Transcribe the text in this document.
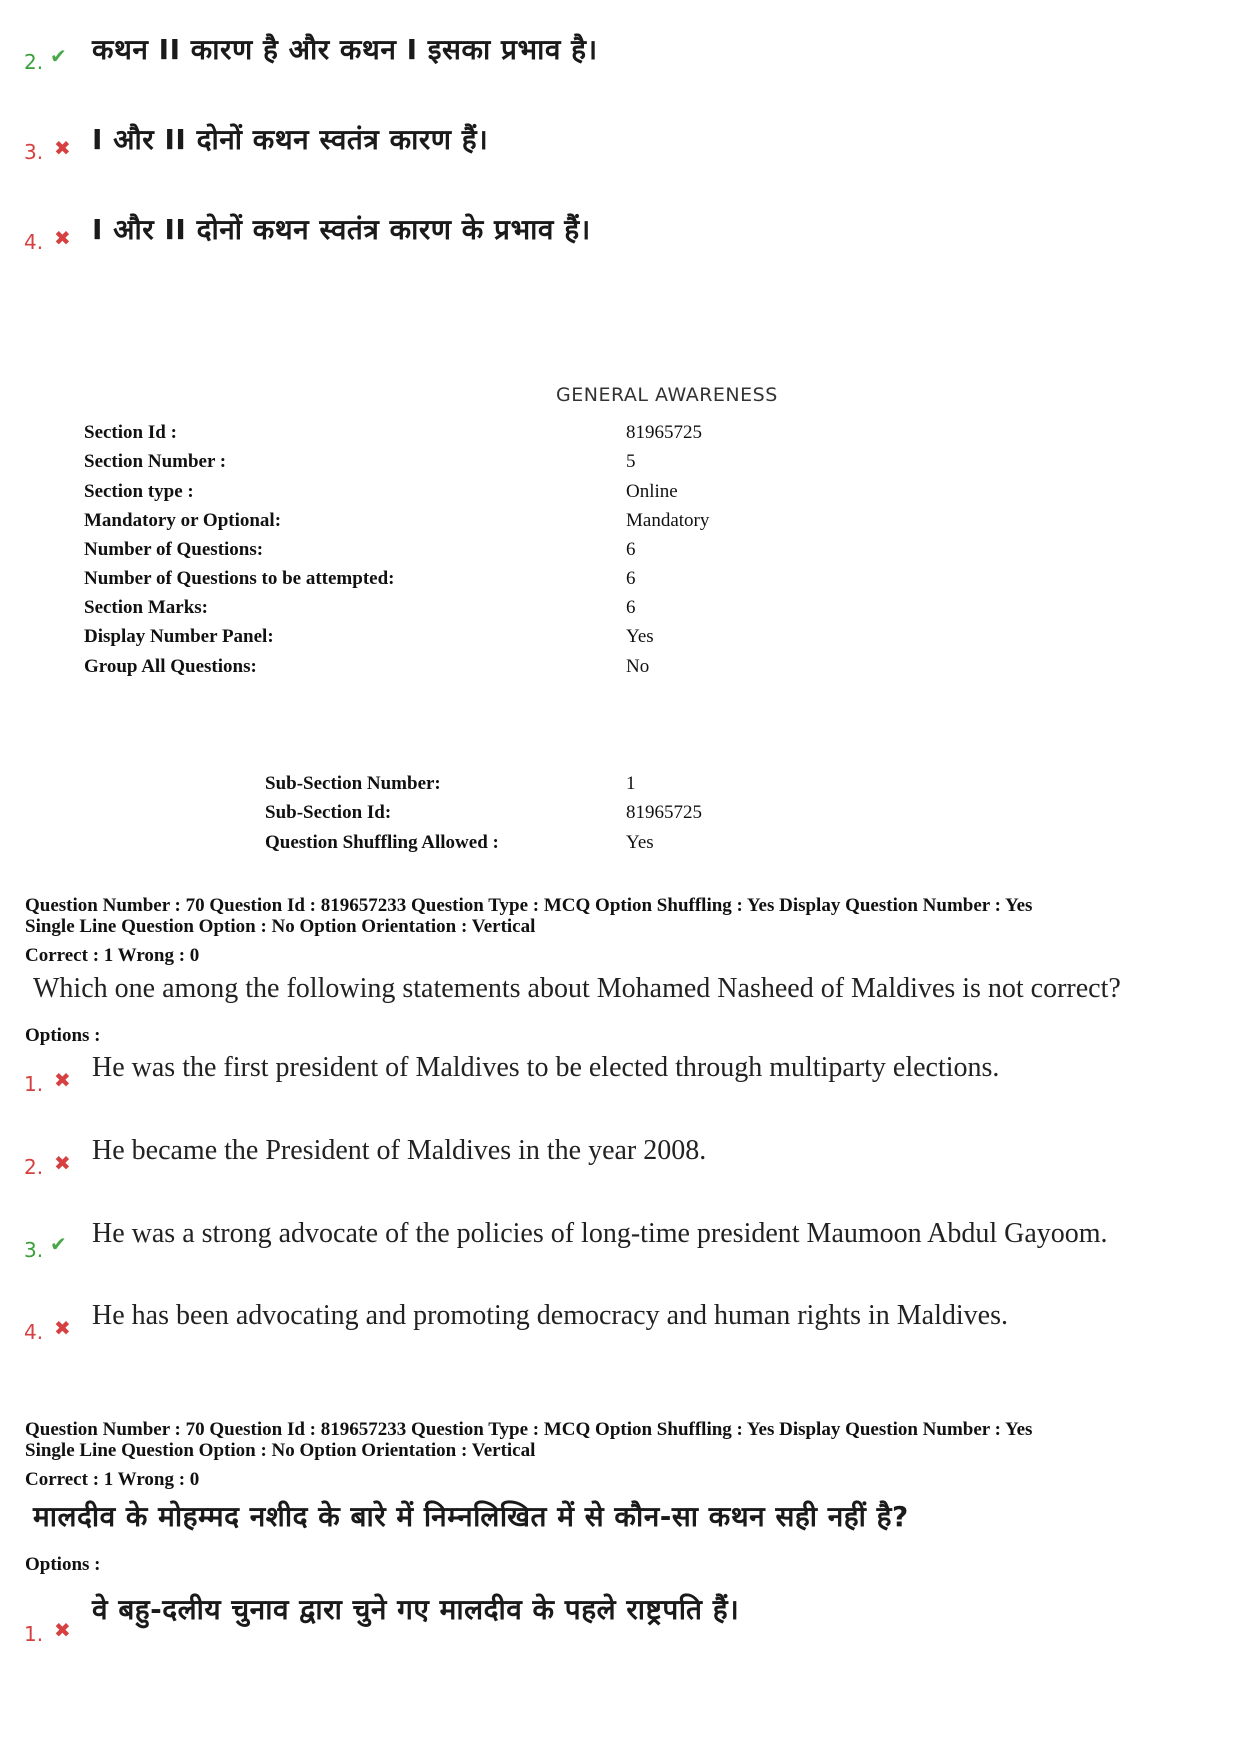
2. ✔ कथन II कारण है और कथन I इसका प्रभाव है।
3. ✖ I और II दोनों कथन स्वतंत्र कारण हैं।
4. ✖ I और II दोनों कथन स्वतंत्र कारण के प्रभाव हैं।
GENERAL AWARENESS
Section Id :	81965725
Section Number :	5
Section type :	Online
Mandatory or Optional:	Mandatory
Number of Questions:	6
Number of Questions to be attempted:	6
Section Marks:	6
Display Number Panel:	Yes
Group All Questions:	No
Sub-Section Number:	1
Sub-Section Id:	81965725
Question Shuffling Allowed :	Yes
Question Number : 70 Question Id : 819657233 Question Type : MCQ Option Shuffling : Yes Display Question Number : Yes
Single Line Question Option : No Option Orientation : Vertical
Correct : 1 Wrong : 0
Which one among the following statements about Mohamed Nasheed of Maldives is not correct?
Options :
1. ✖ He was the first president of Maldives to be elected through multiparty elections.
2. ✖ He became the President of Maldives in the year 2008.
3. ✔ He was a strong advocate of the policies of long-time president Maumoon Abdul Gayoom.
4. ✖ He has been advocating and promoting democracy and human rights in Maldives.
Question Number : 70 Question Id : 819657233 Question Type : MCQ Option Shuffling : Yes Display Question Number : Yes
Single Line Question Option : No Option Orientation : Vertical
Correct : 1 Wrong : 0
मालदीव के मोहम्मद नशीद के बारे में निम्नलिखित में से कौन-सा कथन सही नहीं है?
Options :
1. ✖
वे बहु-दलीय चुनाव द्वारा चुने गए मालदीव के पहले राष्ट्रपति हैं।
